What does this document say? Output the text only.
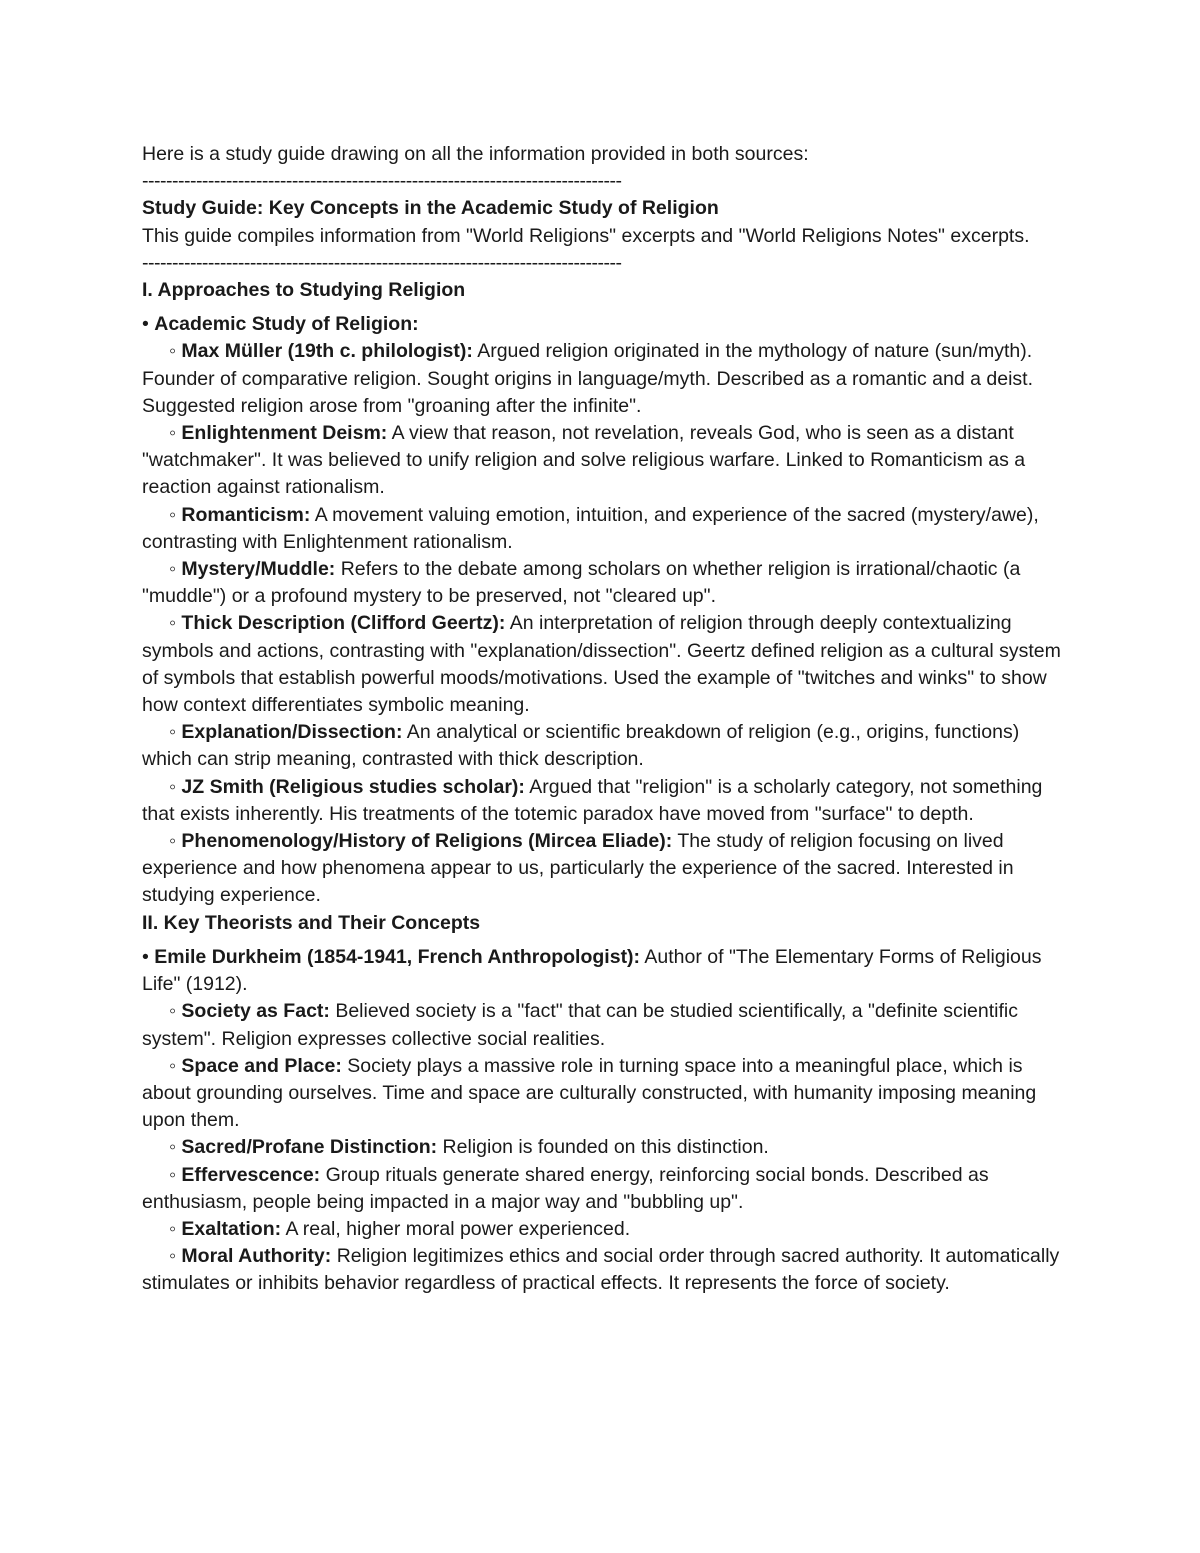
Here is a study guide drawing on all the information provided in both sources:

--------------------------------------------------------------------------------

Study Guide: Key Concepts in the Academic Study of Religion

This guide compiles information from "World Religions" excerpts and "World Religions Notes" excerpts.

--------------------------------------------------------------------------------

I. Approaches to Studying Religion

• Academic Study of Religion:

◦ Max Müller (19th c. philologist): Argued religion originated in the mythology of nature (sun/myth). Founder of comparative religion. Sought origins in language/myth. Described as a romantic and a deist. Suggested religion arose from "groaning after the infinite".

◦ Enlightenment Deism: A view that reason, not revelation, reveals God, who is seen as a distant "watchmaker". It was believed to unify religion and solve religious warfare. Linked to Romanticism as a reaction against rationalism.

◦ Romanticism: A movement valuing emotion, intuition, and experience of the sacred (mystery/awe), contrasting with Enlightenment rationalism.

◦ Mystery/Muddle: Refers to the debate among scholars on whether religion is irrational/chaotic (a "muddle") or a profound mystery to be preserved, not "cleared up".

◦ Thick Description (Clifford Geertz): An interpretation of religion through deeply contextualizing symbols and actions, contrasting with "explanation/dissection". Geertz defined religion as a cultural system of symbols that establish powerful moods/motivations. Used the example of "twitches and winks" to show how context differentiates symbolic meaning.

◦ Explanation/Dissection: An analytical or scientific breakdown of religion (e.g., origins, functions) which can strip meaning, contrasted with thick description.

◦ JZ Smith (Religious studies scholar): Argued that "religion" is a scholarly category, not something that exists inherently. His treatments of the totemic paradox have moved from "surface" to depth.

◦ Phenomenology/History of Religions (Mircea Eliade): The study of religion focusing on lived experience and how phenomena appear to us, particularly the experience of the sacred. Interested in studying experience.

II. Key Theorists and Their Concepts

• Emile Durkheim (1854-1941, French Anthropologist): Author of "The Elementary Forms of Religious Life" (1912).

◦ Society as Fact: Believed society is a "fact" that can be studied scientifically, a "definite scientific system". Religion expresses collective social realities.

◦ Space and Place: Society plays a massive role in turning space into a meaningful place, which is about grounding ourselves. Time and space are culturally constructed, with humanity imposing meaning upon them.

◦ Sacred/Profane Distinction: Religion is founded on this distinction.

◦ Effervescence: Group rituals generate shared energy, reinforcing social bonds. Described as enthusiasm, people being impacted in a major way and "bubbling up".

◦ Exaltation: A real, higher moral power experienced.

◦ Moral Authority: Religion legitimizes ethics and social order through sacred authority. It automatically stimulates or inhibits behavior regardless of practical effects. It represents the force of society.
